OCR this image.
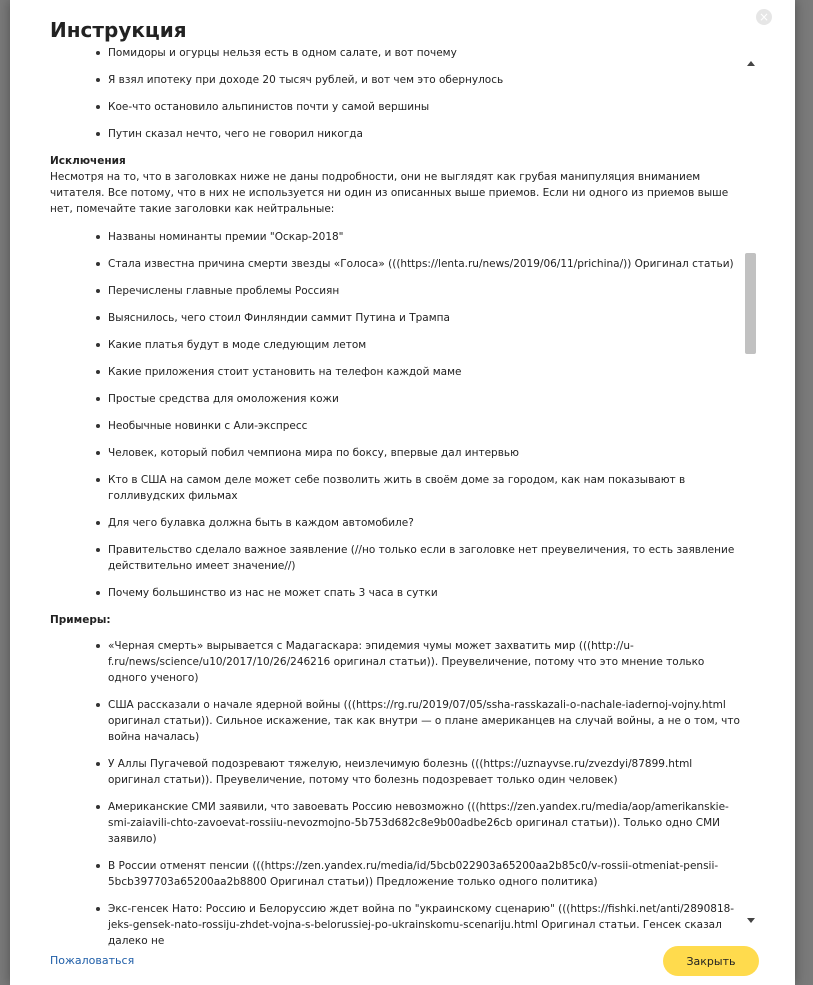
×
Инструкция
Помидоры и огурцы нельзя есть в одном салате, и вот почему
Я взял ипотеку при доходе 20 тысяч рублей, и вот чем это обернулось
Кое-что остановило альпинистов почти у самой вершины
Путин сказал нечто, чего не говорил никогда
Исключения

Несмотря на то, что в заголовках ниже не даны подробности, они не выглядят как грубая манипуляция вниманием читателя. Все потому, что в них не используется ни один из описанных выше приемов. Если ни одного из приемов выше нет, помечайте такие заголовки как нейтральные:

Названы номинанты премии "Оскар-2018"
Стала известна причина смерти звезды «Голоса» (((https://lenta.ru/news/2019/06/11/prichina/)) Оригинал статьи)
Перечислены главные проблемы Россиян
Выяснилось, чего стоил Финляндии саммит Путина и Трампа
Какие платья будут в моде следующим летом
Какие приложения стоит установить на телефон каждой маме
Простые средства для омоложения кожи
Необычные новинки с Али-экспресс
Человек, который побил чемпиона мира по боксу, впервые дал интервью
Кто в США на самом деле может себе позволить жить в своём доме за городом, как нам показывают в голливудских фильмах
Для чего булавка должна быть в каждом автомобиле?
Правительство сделало важное заявление (//но только если в заголовке нет преувеличения, то есть заявление действительно имеет значение//)
Почему большинство из нас не может спать 3 часа в сутки
Примеры:
«Черная смерть» вырывается с Мадагаскара: эпидемия чумы может захватить мир (((http://u-f.ru/news/science/u10/2017/10/26/246216 оригинал статьи)). Преувеличение, потому что это мнение только одного ученого)
США рассказали о начале ядерной войны (((https://rg.ru/2019/07/05/ssha-rasskazali-o-nachale-iadernoj-vojny.html оригинал статьи)). Сильное искажение, так как внутри — о плане американцев на случай войны, а не о том, что война началась)
У Аллы Пугачевой подозревают тяжелую, неизлечимую болезнь (((https://uznayvse.ru/zvezdyi/87899.html оригинал статьи)). Преувеличение, потому что болезнь подозревает только один человек)
Американские СМИ заявили, что завоевать Россию невозможно (((https://zen.yandex.ru/media/aop/amerikanskie-smi-zaiavili-chto-zavoevat-rossiiu-nevozmojno-5b753d682c8e9b00adbe26cb оригинал статьи)). Только одно СМИ заявило)
В России отменят пенсии (((https://zen.yandex.ru/media/id/5bcb022903a65200aa2b85c0/v-rossii-otmeniat-pensii-5bcb397703a65200aa2b8800 Оригинал статьи)) Предложение только одного политика)
Экс-генсек Нато: Россию и Белоруссию ждет война по "украинскому сценарию" (((https://fishki.net/anti/2890818-jeks-gensek-nato-rossiju-zhdet-vojna-s-belorussiej-po-ukrainskomu-scenariju.html Оригинал статьи. Генсек сказал далеко не
Пожаловаться	Закрыть
